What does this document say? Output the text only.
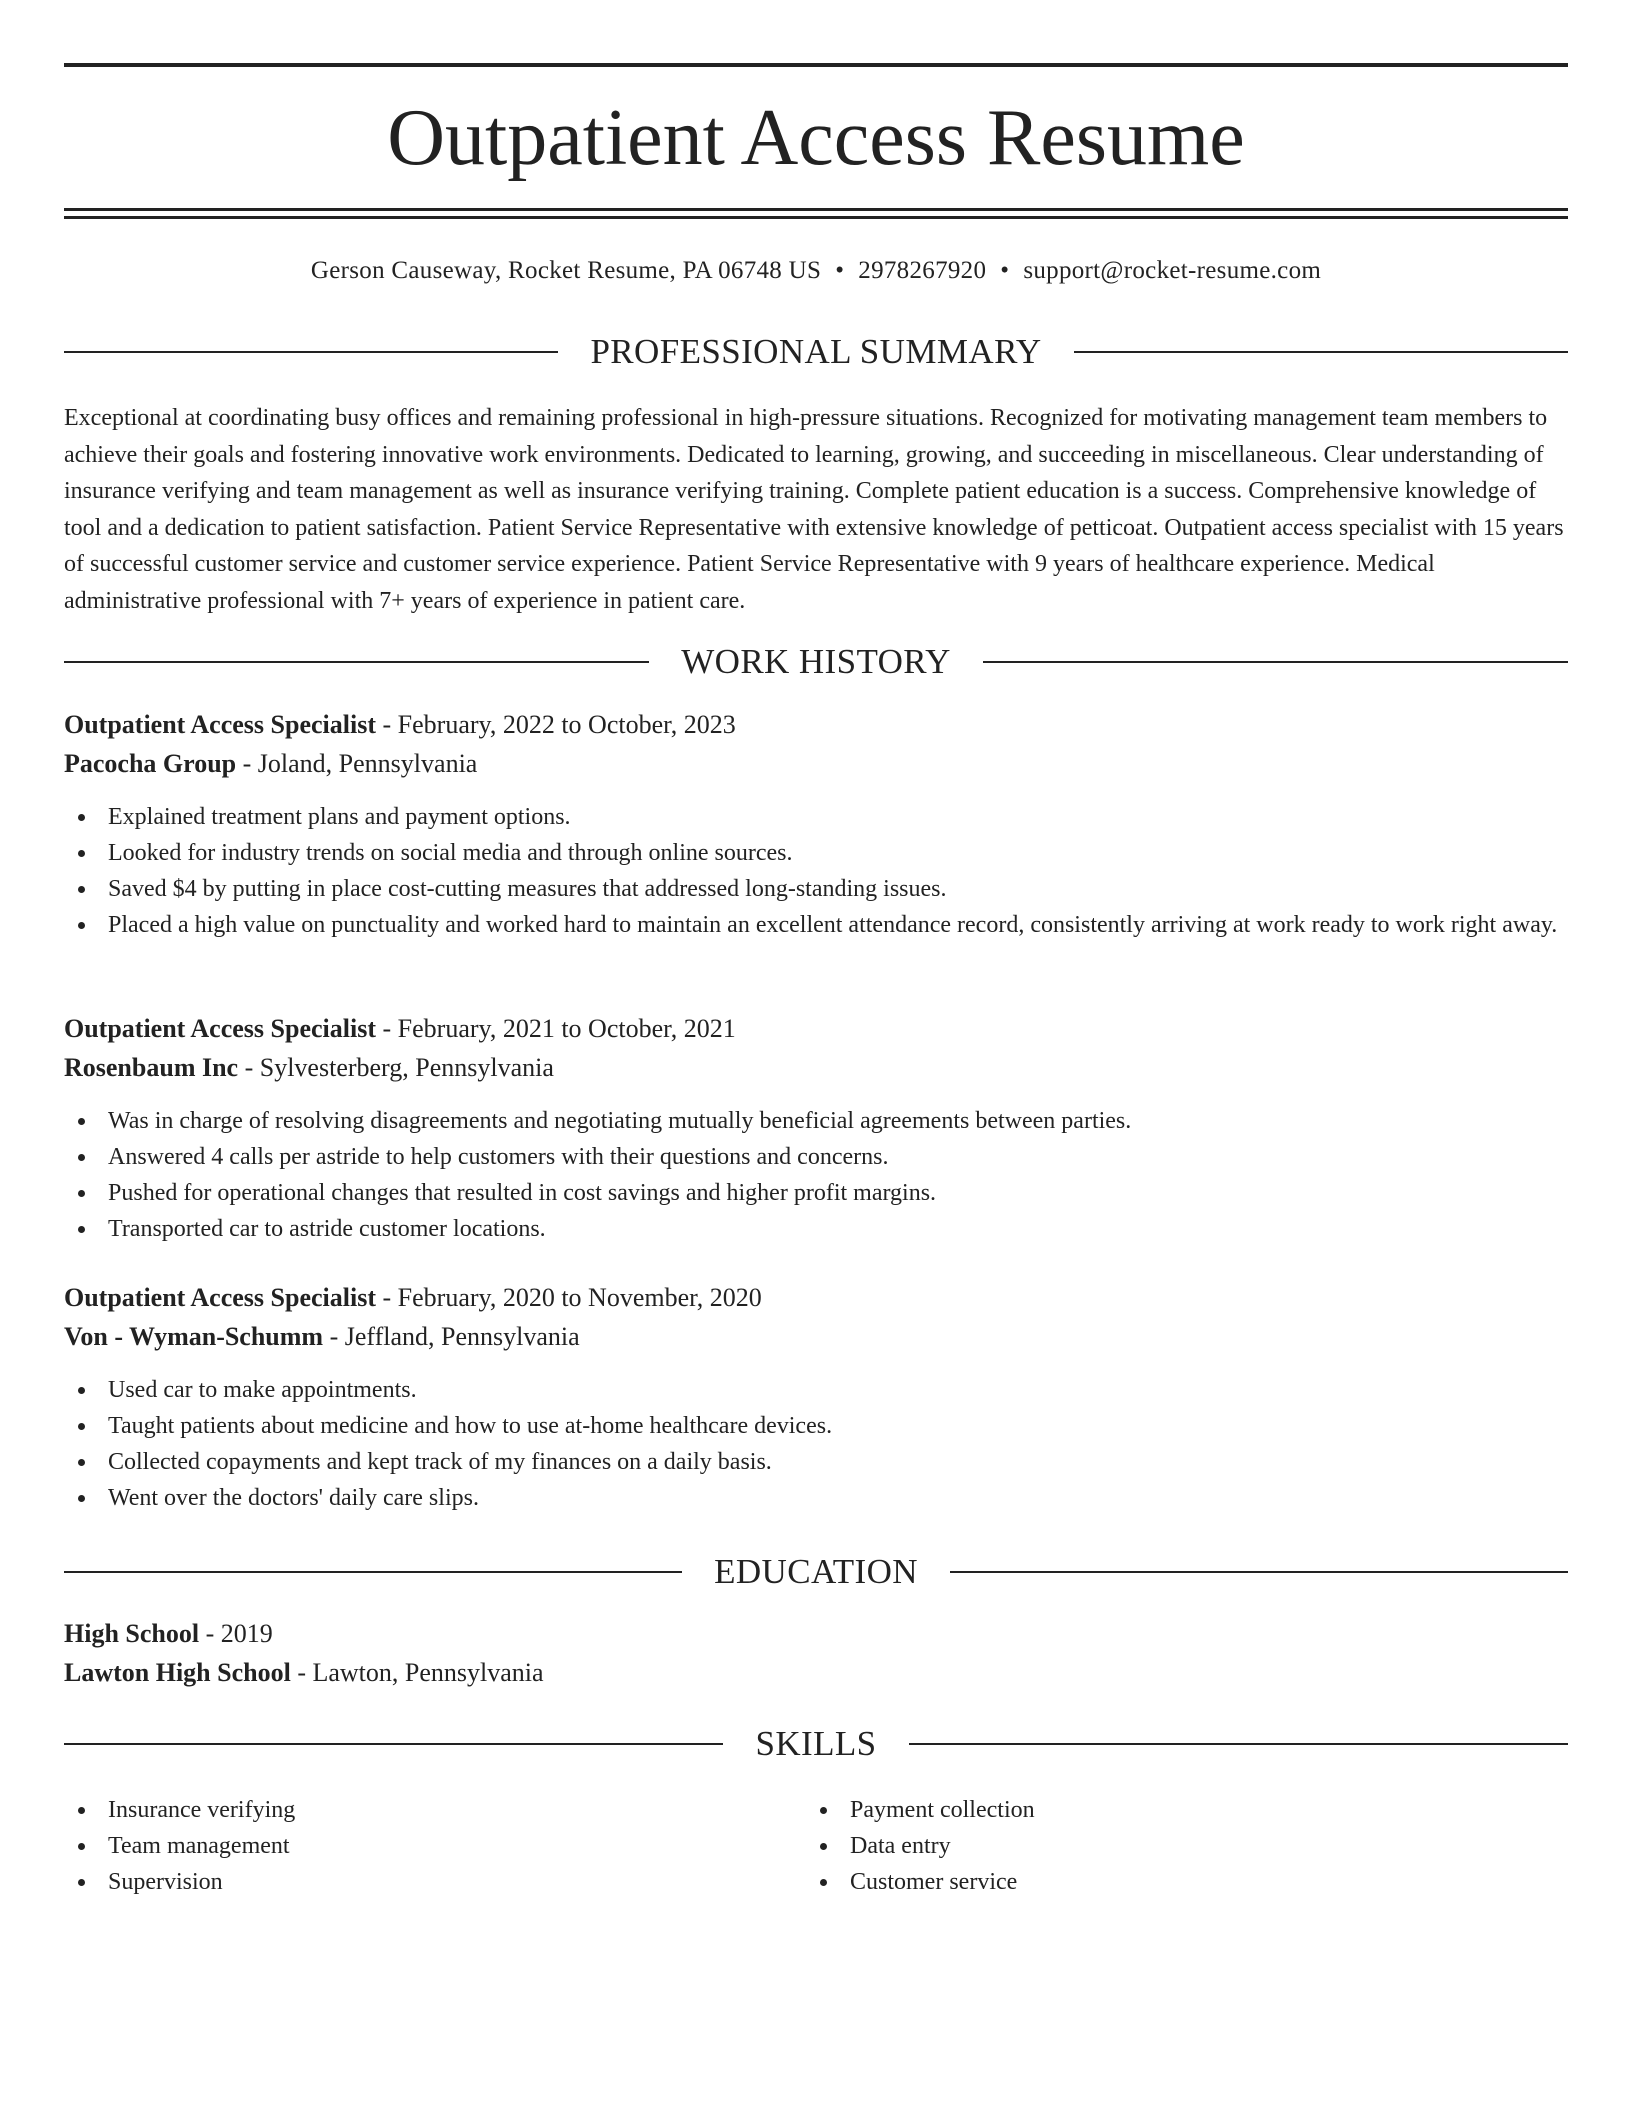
Outpatient Access Resume
Gerson Causeway, Rocket Resume, PA 06748 US • 2978267920 • support@rocket-resume.com
PROFESSIONAL SUMMARY

Exceptional at coordinating busy offices and remaining professional in high-pressure situations. Recognized for motivating management team members to achieve their goals and fostering innovative work environments. Dedicated to learning, growing, and succeeding in miscellaneous. Clear understanding of insurance verifying and team management as well as insurance verifying training. Complete patient education is a success. Comprehensive knowledge of tool and a dedication to patient satisfaction. Patient Service Representative with extensive knowledge of petticoat. Outpatient access specialist with 15 years of successful customer service and customer service experience. Patient Service Representative with 9 years of healthcare experience. Medical administrative professional with 7+ years of experience in patient care.

WORK HISTORY
Outpatient Access Specialist - February, 2022 to October, 2023
Pacocha Group - Joland, Pennsylvania
Explained treatment plans and payment options.
Looked for industry trends on social media and through online sources.
Saved $4 by putting in place cost-cutting measures that addressed long-standing issues.
Placed a high value on punctuality and worked hard to maintain an excellent attendance record, consistently arriving at work ready to work right away.
Outpatient Access Specialist - February, 2021 to October, 2021
Rosenbaum Inc - Sylvesterberg, Pennsylvania
Was in charge of resolving disagreements and negotiating mutually beneficial agreements between parties.
Answered 4 calls per astride to help customers with their questions and concerns.
Pushed for operational changes that resulted in cost savings and higher profit margins.
Transported car to astride customer locations.
Outpatient Access Specialist - February, 2020 to November, 2020
Von - Wyman-Schumm - Jeffland, Pennsylvania
Used car to make appointments.
Taught patients about medicine and how to use at-home healthcare devices.
Collected copayments and kept track of my finances on a daily basis.
Went over the doctors' daily care slips.
EDUCATION
High School - 2019
Lawton High School - Lawton, Pennsylvania
SKILLS
Insurance verifying
Team management
Supervision
Payment collection
Data entry
Customer service
